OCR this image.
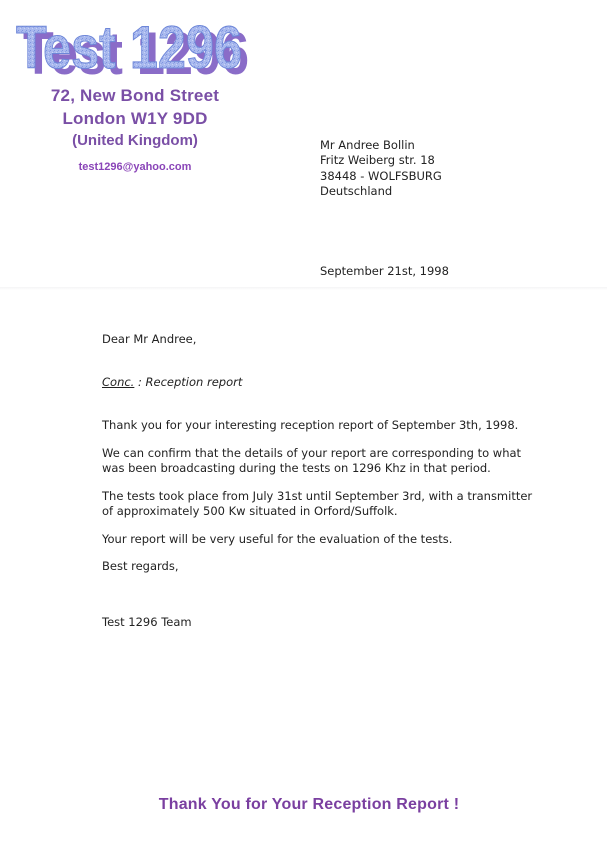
Test 1296
Test 1296
72, New Bond Street
London W1Y 9DD
(United Kingdom)
test1296@yahoo.com
Mr Andree Bollin
Fritz Weiberg str. 18
38448 - WOLFSBURG
Deutschland
September 21st, 1998

Dear Mr Andree,

Conc. : Reception report

Thank you for your interesting reception report of September 3th, 1998.

We can confirm that the details of your report are corresponding to what
was been broadcasting during the tests on 1296 Khz in that period.

The tests took place from July 31st until September 3rd, with a transmitter
of approximately 500 Kw situated in Orford/Suffolk.

Your report will be very useful for the evaluation of the tests.

Best regards,

Test 1296 Team

Thank You for Your Reception Report !
